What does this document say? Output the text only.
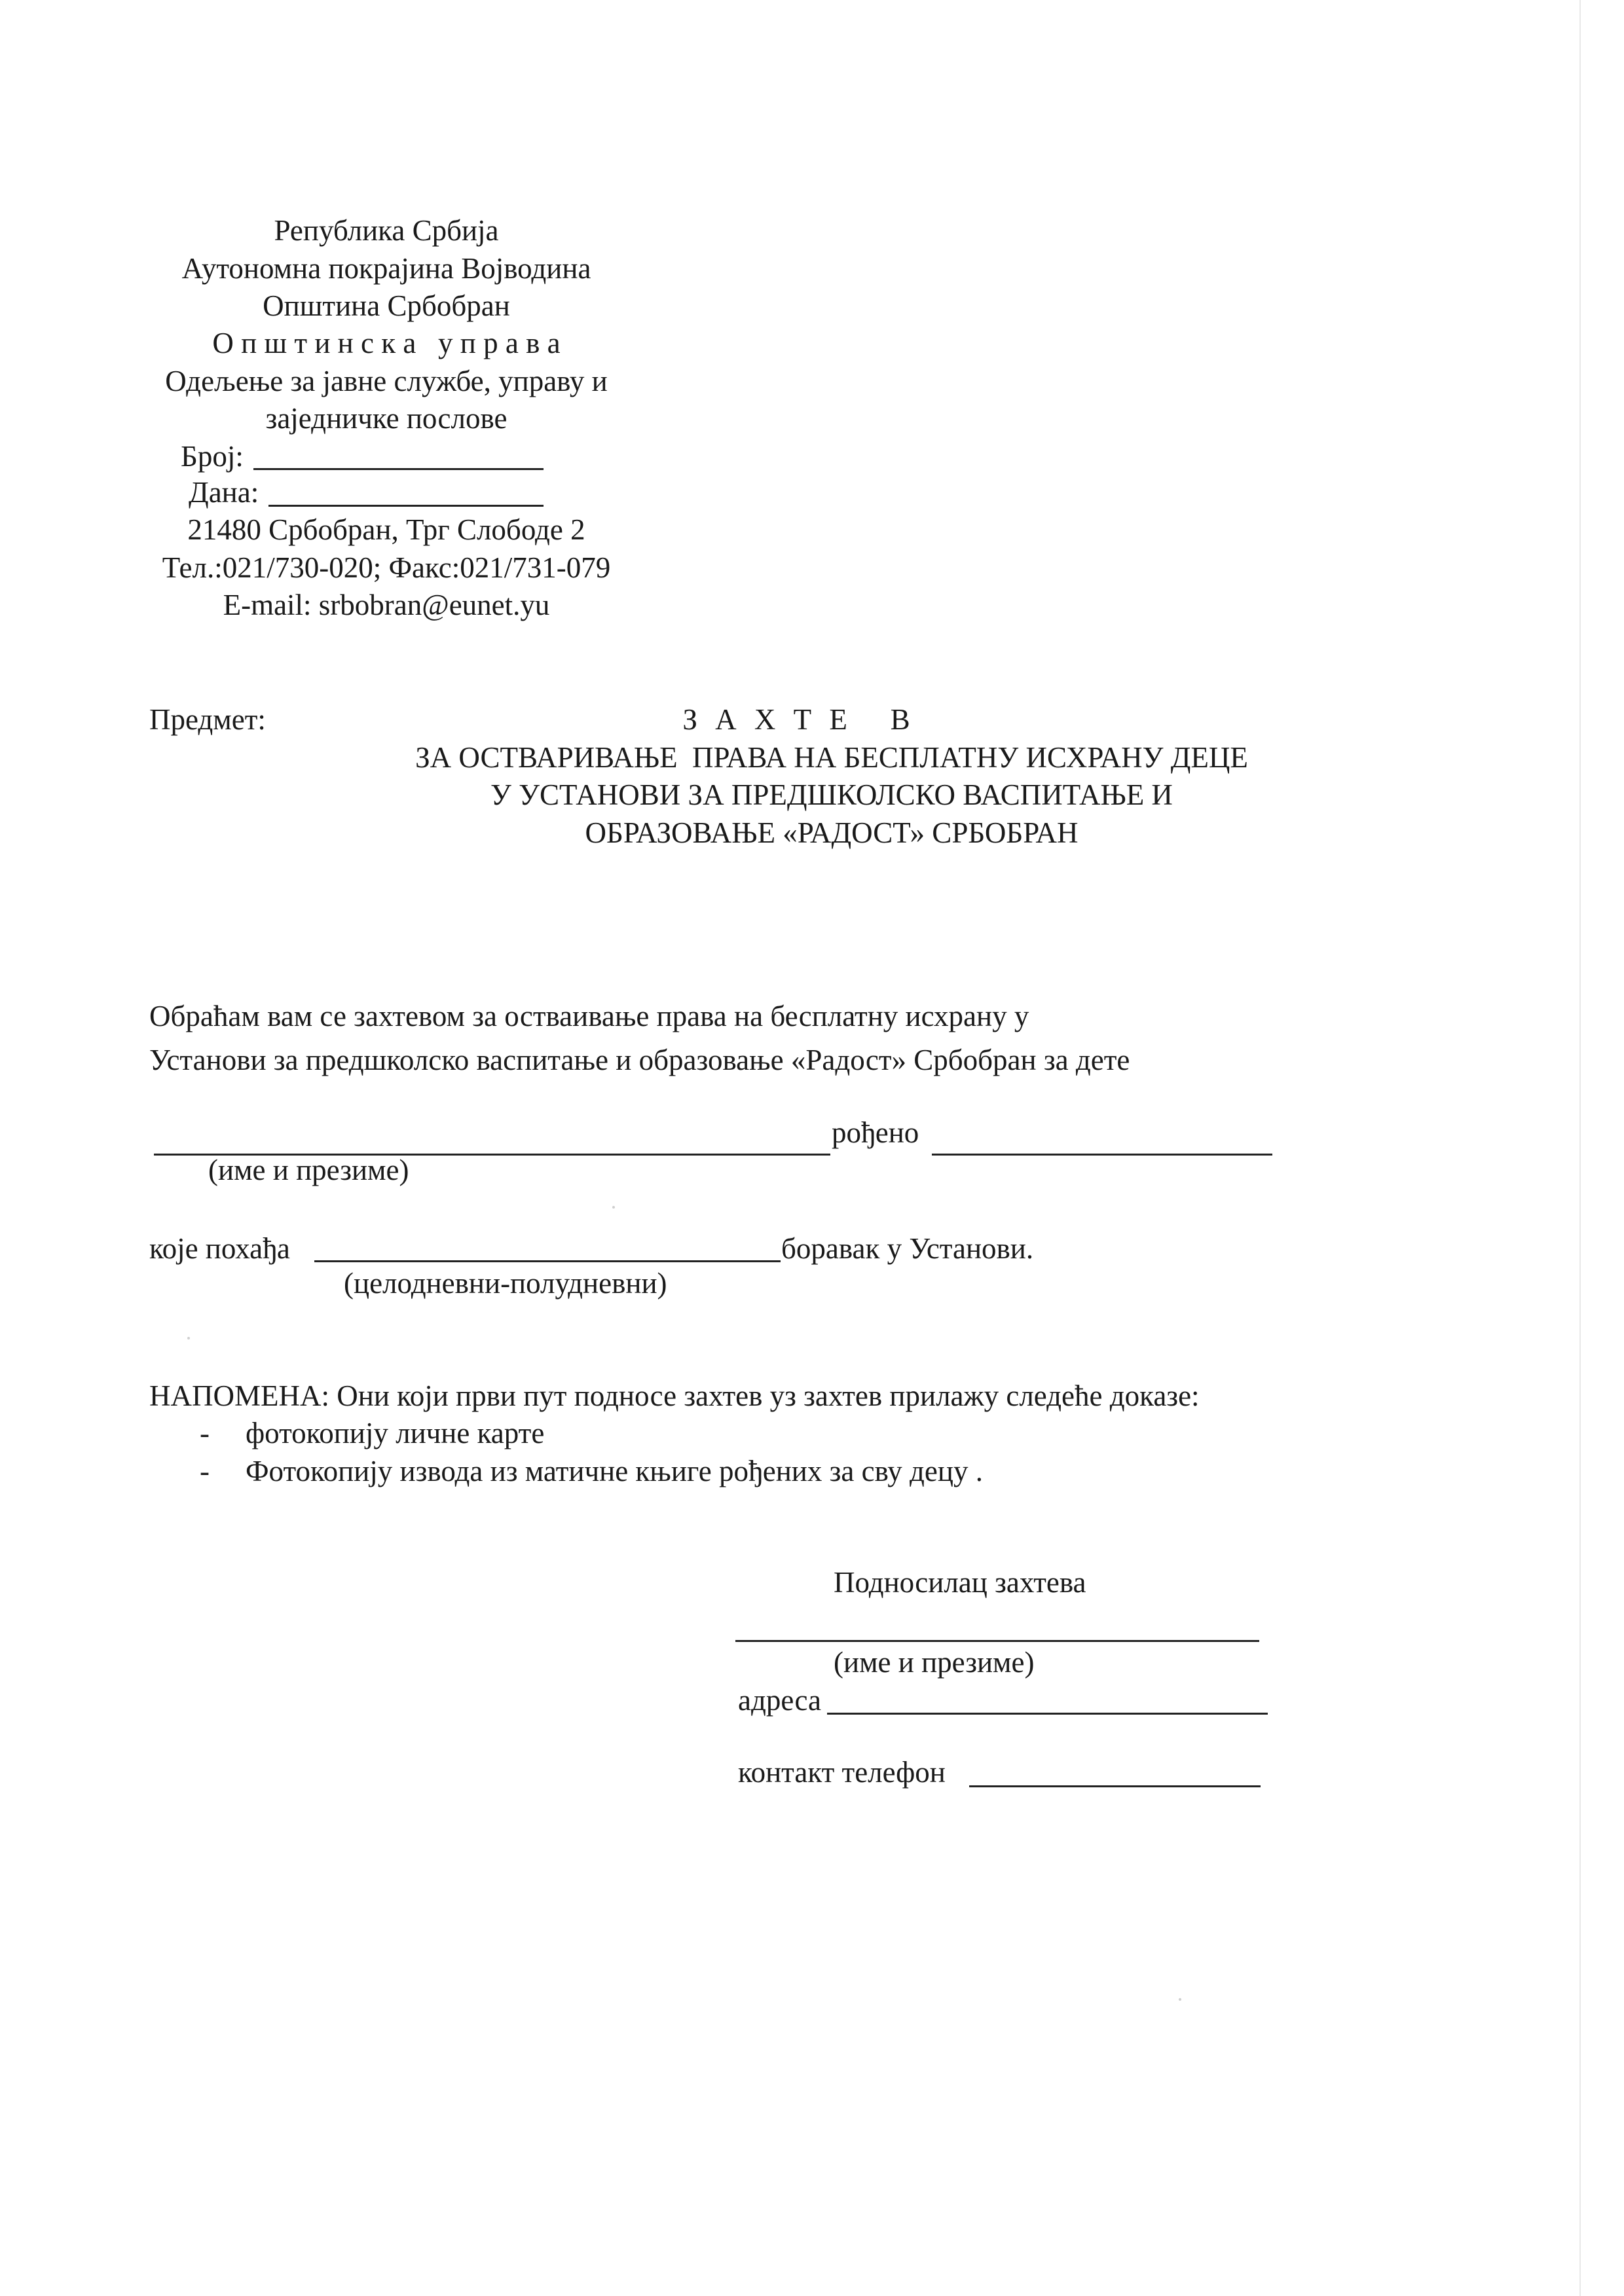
Република Србија
Аутономна покрајина Војводина
Општина Србобран
О п ш т и н с к а   у п р а в а
Одељење за јавне службе, управу и
заједничке послове
Број:
Дана:
21480 Србобран, Трг Слободе 2
Тел.:021/730-020; Факс:021/731-079
E-mail: srbobran@eunet.yu
Предмет:	З А Х Т Е   В
ЗА ОСТВАРИВАЊЕ  ПРАВА НА БЕСПЛАТНУ ИСХРАНУ ДЕЦЕ
У УСТАНОВИ ЗА ПРЕДШКОЛСКО ВАСПИТАЊЕ И
ОБРАЗОВАЊЕ «РАДОСТ» СРБОБРАН
Обраћам вам се захтевом за остваивање права на бесплатну исхрану у
Установи за предшколско васпитање и образовање «Радост» Србобран за дете
рођено
(име и презиме)
које похађа	боравак у Установи.
(целодневни-полудневни)
НАПОМЕНА: Они који први пут подносе захтев уз захтев прилажу следеће доказе:
- фотокопију личне карте
- Фотокопију извода из матичне књиге рођених за сву децу .
Подносилац захтева
(име и презиме)
адреса
контакт телефон
